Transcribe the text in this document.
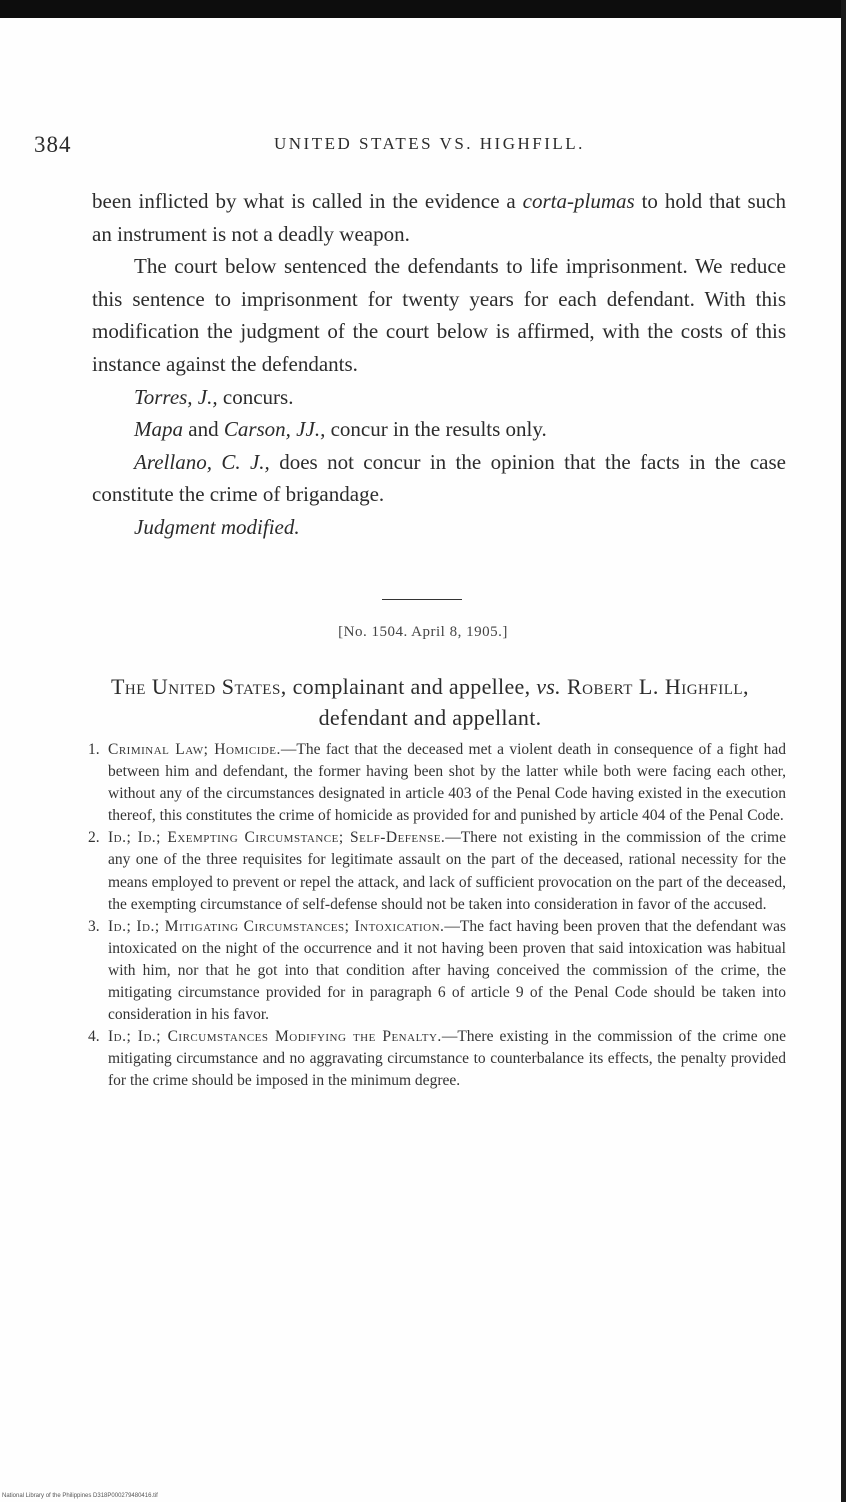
384	UNITED STATES VS. HIGHFILL.

been inflicted by what is called in the evidence a corta-plumas to hold that such an instrument is not a deadly weapon.

The court below sentenced the defendants to life imprisonment. We reduce this sentence to imprisonment for twenty years for each defendant. With this modification the judgment of the court below is affirmed, with the costs of this instance against the defendants.

Torres, J., concurs.

Mapa and Carson, JJ., concur in the results only.

Arellano, C. J., does not concur in the opinion that the facts in the case constitute the crime of brigandage.

Judgment modified.

[No. 1504. April 8, 1905.]
The United States, complainant and appellee, vs. Robert L. Highfill, defendant and appellant.

1. Criminal Law; Homicide.—The fact that the deceased met a violent death in consequence of a fight had between him and defendant, the former having been shot by the latter while both were facing each other, without any of the circumstances designated in article 403 of the Penal Code having existed in the execution thereof, this constitutes the crime of homicide as provided for and punished by article 404 of the Penal Code.

2. Id.; Id.; Exempting Circumstance; Self-Defense.—There not existing in the commission of the crime any one of the three requisites for legitimate assault on the part of the deceased, rational necessity for the means employed to prevent or repel the attack, and lack of sufficient provocation on the part of the deceased, the exempting circumstance of self-defense should not be taken into consideration in favor of the accused.

3. Id.; Id.; Mitigating Circumstances; Intoxication.—The fact having been proven that the defendant was intoxicated on the night of the occurrence and it not having been proven that said intoxication was habitual with him, nor that he got into that condition after having conceived the commission of the crime, the mitigating circumstance provided for in paragraph 6 of article 9 of the Penal Code should be taken into consideration in his favor.

4. Id.; Id.; Circumstances Modifying the Penalty.—There existing in the commission of the crime one mitigating circumstance and no aggravating circumstance to counterbalance its effects, the penalty provided for the crime should be imposed in the minimum degree.

National Library of the Philippines D318P000279480416.tif
